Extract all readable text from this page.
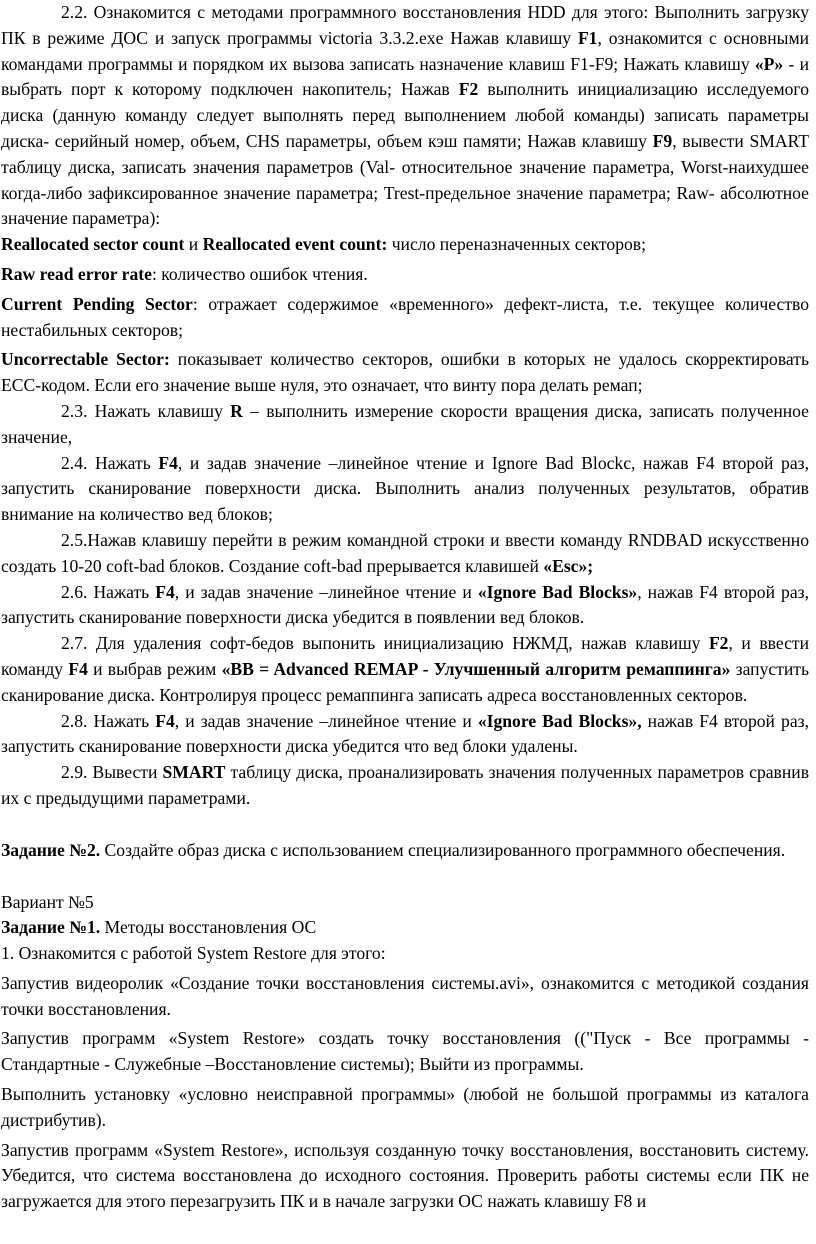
2.2. Ознакомится с методами программного восстановления HDD для этого: Выполнить загрузку ПК в режиме ДОС и запуск программы victoria 3.3.2.exe Нажав клавишу F1, ознакомится с основными командами программы и порядком их вызова записать назначение клавиш F1-F9; Нажать клавишу «P» - и выбрать порт к которому подключен накопитель; Нажав F2 выполнить инициализацию исследуемого диска (данную команду следует выполнять перед выполнением любой команды) записать параметры диска- серийный номер, объем, CHS параметры, объем кэш памяти; Нажав клавишу F9, вывести SMART таблицу диска, записать значения параметров (Val- относительное значение параметра, Worst-наихудшее когда-либо зафиксированное значение параметра; Trest-предельное значение параметра; Raw- абсолютное значение параметра):

Reallocated sector count и Reallocated event count: число переназначенных секторов;

Raw read error rate: количество ошибок чтения.

Current Pending Sector: отражает содержимое «временного» дефект-листа, т.е. текущее количество нестабильных секторов;

Uncorrectable Sector: показывает количество секторов, ошибки в которых не удалось скорректировать ECC-кодом. Если его значение выше нуля, это означает, что винту пора делать ремап;

2.3. Нажать клавишу R – выполнить измерение скорости вращения диска, записать полученное значение,

2.4. Нажать F4, и задав значение –линейное чтение и Ignore Bad Blockc, нажав F4 второй раз, запустить сканирование поверхности диска. Выполнить анализ полученных результатов, обратив внимание на количество вед блоков;

2.5.Нажав клавишу перейти в режим командной строки и ввести команду RNDBAD искусственно создать 10-20 coft-bad блоков. Создание coft-bad прерывается клавишей «Esc»;

2.6. Нажать F4, и задав значение –линейное чтение и «Ignore Bad Blocks», нажав F4 второй раз, запустить сканирование поверхности диска убедится в появлении вед блоков.

2.7. Для удаления софт-бедов выпонить инициализацию НЖМД, нажав клавишу F2, и ввести команду F4 и выбрав режим «BB = Advanced REMAP - Улучшенный алгоритм ремаппинга» запустить сканирование диска. Контролируя процесс ремаппинга записать адреса восстановленных секторов.

2.8. Нажать F4, и задав значение –линейное чтение и «Ignore Bad Blocks», нажав F4 второй раз, запустить сканирование поверхности диска убедится что вед блоки удалены.

2.9. Вывести SMART таблицу диска, проанализировать значения полученных параметров сравнив их с предыдущими параметрами.

Задание №2. Создайте образ диска с использованием специализированного программного обеспечения.

Вариант №5

Задание №1. Методы восстановления ОС

1. Ознакомится с работой System Restore для этого:

Запустив видеоролик «Создание точки восстановления системы.avi», ознакомится с методикой создания точки восстановления.

Запустив программ «System Restore» создать точку восстановления (("Пуск - Все программы - Стандартные - Служебные –Восстановление системы); Выйти из программы.

Выполнить установку «условно неисправной программы» (любой не большой программы из каталога дистрибутив).

Запустив программ «System Restore», используя созданную точку восстановления, восстановить систему. Убедится, что система восстановлена до исходного состояния. Проверить работы системы если ПК не загружается для этого перезагрузить ПК и в начале загрузки ОС нажать клавишу F8 и
